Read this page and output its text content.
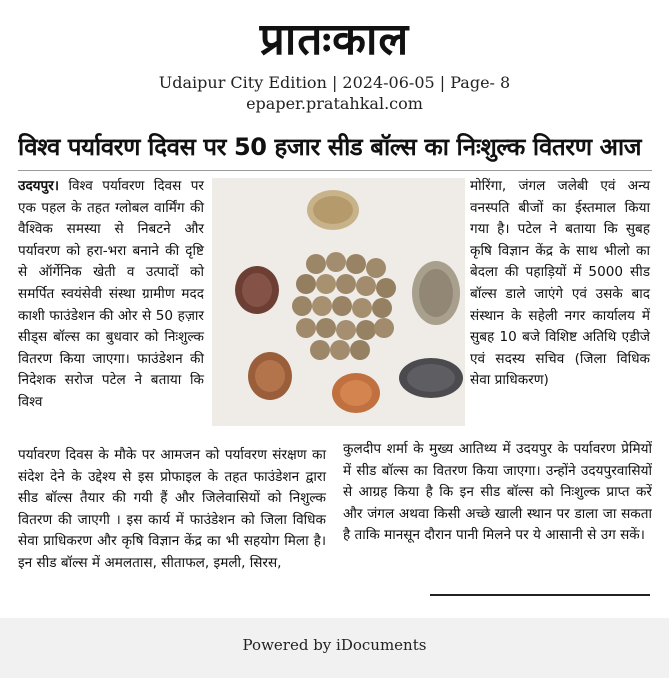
प्रातःकाल
Udaipur City Edition | 2024-06-05 | Page- 8
epaper.pratahkal.com

विश्व पर्यावरण दिवस पर 50 हजार सीड बॉल्स का निःशुल्क वितरण आज
उदयपुर। विश्व पर्यावरण दिवस पर एक पहल के तहत ग्लोबल वार्मिंग की वैश्विक समस्या से निबटने और पर्यावरण को हरा-भरा बनाने की दृष्टि से ऑर्गेनिक खेती व उत्पादों को समर्पित स्वयंसेवी संस्था ग्रामीण मदद काशी फाउंडेशन की ओर से 50 हज़ार सीड्स बॉल्स का बुधवार को निःशुल्क वितरण किया जाएगा। फाउंडेशन की निदेशक सरोज पटेल ने बताया कि विश्व
मोरिंगा, जंगल जलेबी एवं अन्य वनस्पति बीजों का ईस्तमाल किया गया है। पटेल ने बताया कि सुबह कृषि विज्ञान केंद्र के साथ भीलो का बेदला की पहाड़ियों में 5000 सीड बॉल्स डाले जाएंगे एवं उसके बाद संस्थान के सहेली नगर कार्यालय में सुबह 10 बजे विशिष्ट अतिथि एडीजे एवं सदस्य सचिव (जिला विधिक सेवा प्राधिकरण)
पर्यावरण दिवस के मौके पर आमजन को पर्यावरण संरक्षण का संदेश देने के उद्देश्य से इस प्रोफाइल के तहत फाउंडेशन द्वारा सीड बॉल्स तैयार की गयी हैं और जिलेवासियों को निशुल्क वितरण की जाएगी । इस कार्य में फाउंडेशन को जिला विधिक सेवा प्राधिकरण और कृषि विज्ञान केंद्र का भी सहयोग मिला है। इन सीड बॉल्स में अमलतास, सीताफल, इमली, सिरस,
कुलदीप शर्मा के मुख्य आतिथ्य में उदयपुर के पर्यावरण प्रेमियों में सीड बॉल्स का वितरण किया जाएगा। उन्होंने उदयपुरवासियों से आग्रह किया है कि इन सीड बॉल्स को निःशुल्क प्राप्त करें और जंगल अथवा किसी अच्छे खाली स्थान पर डाला जा सकता है ताकि मानसून दौरान पानी मिलने पर ये आसानी से उग सकें।
Powered by iDocuments
